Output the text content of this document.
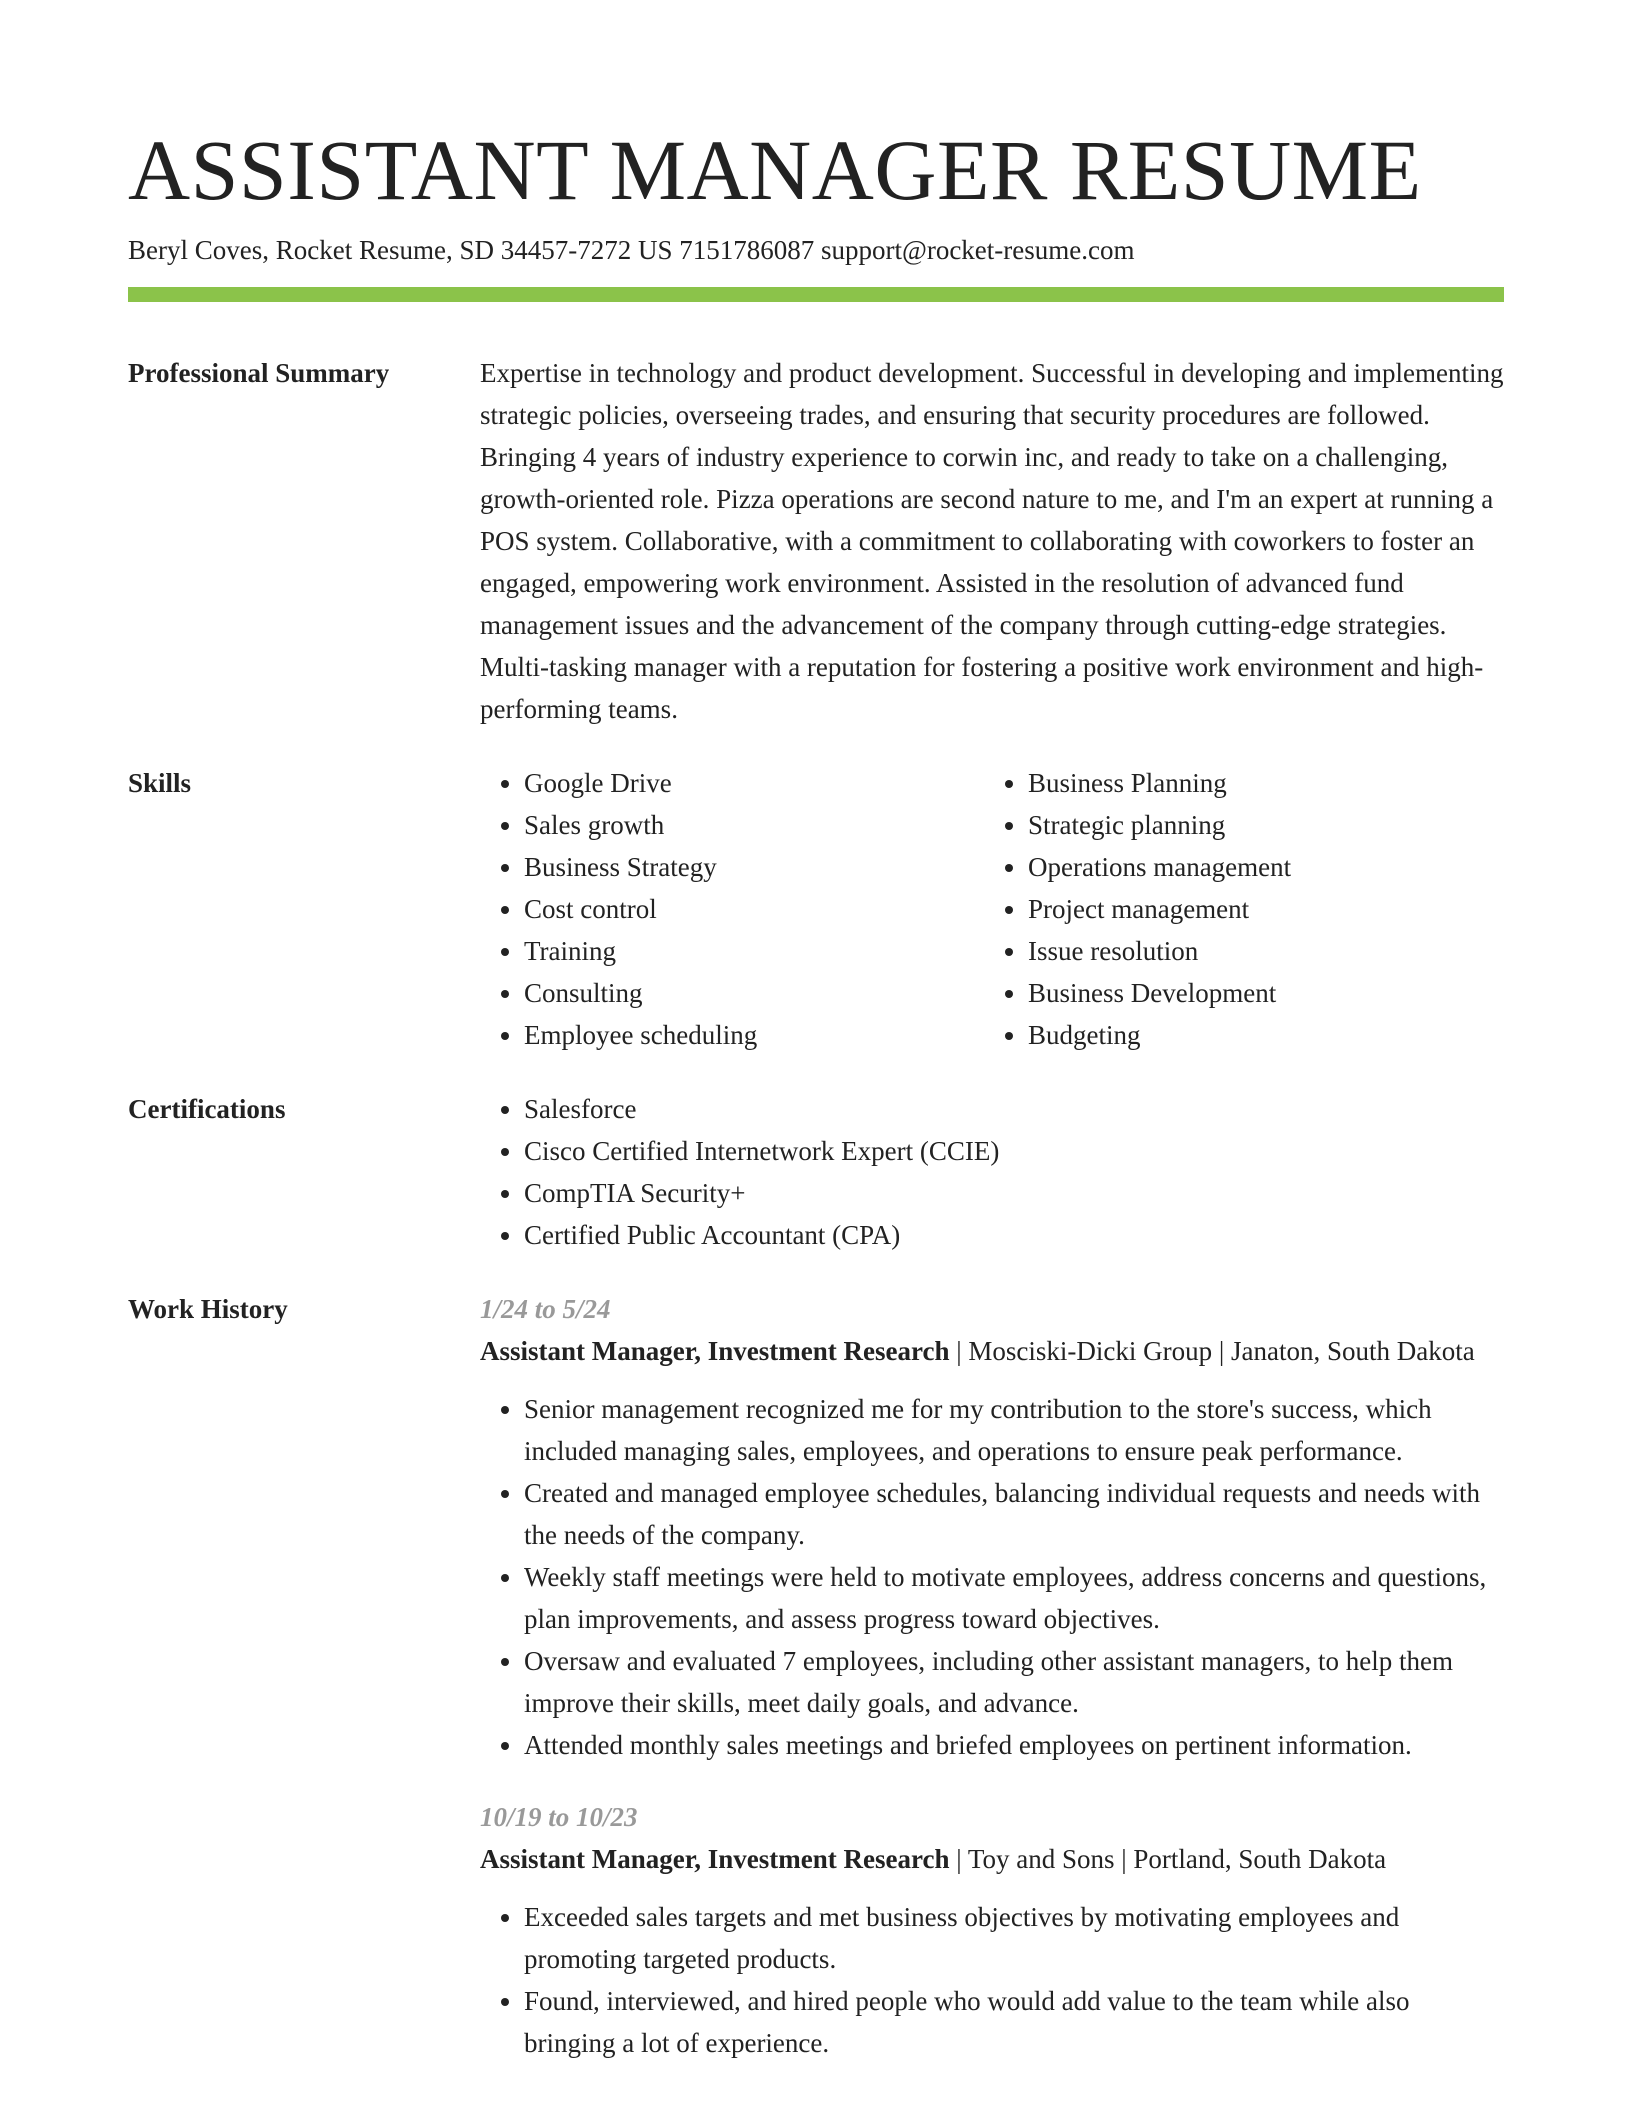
ASSISTANT MANAGER RESUME
Beryl Coves, Rocket Resume, SD 34457-7272 US 7151786087 support@rocket-resume.com
Professional Summary	Expertise in technology and product development. Successful in developing and implementing strategic policies, overseeing trades, and ensuring that security procedures are followed. Bringing 4 years of industry experience to corwin inc, and ready to take on a challenging, growth-oriented role. Pizza operations are second nature to me, and I'm an expert at running a POS system. Collaborative, with a commitment to collaborating with coworkers to foster an engaged, empowering work environment. Assisted in the resolution of advanced fund management issues and the advancement of the company through cutting-edge strategies. Multi-tasking manager with a reputation for fostering a positive work environment and high-performing teams.
Skills	• Google Drive
• Sales growth
• Business Strategy
• Cost control
• Training
• Consulting
• Employee scheduling
• Business Planning
• Strategic planning
• Operations management
• Project management
• Issue resolution
• Business Development
• Budgeting
Certifications	• Salesforce
• Cisco Certified Internetwork Expert (CCIE)
• CompTIA Security+
• Certified Public Accountant (CPA)
Work History	1/24 to 5/24
Assistant Manager, Investment Research | Mosciski-Dicki Group | Janaton, South Dakota
• Senior management recognized me for my contribution to the store's success, which included managing sales, employees, and operations to ensure peak performance.
• Created and managed employee schedules, balancing individual requests and needs with the needs of the company.
• Weekly staff meetings were held to motivate employees, address concerns and questions, plan improvements, and assess progress toward objectives.
• Oversaw and evaluated 7 employees, including other assistant managers, to help them improve their skills, meet daily goals, and advance.
• Attended monthly sales meetings and briefed employees on pertinent information.
10/19 to 10/23
Assistant Manager, Investment Research | Toy and Sons | Portland, South Dakota
• Exceeded sales targets and met business objectives by motivating employees and promoting targeted products.
• Found, interviewed, and hired people who would add value to the team while also bringing a lot of experience.
